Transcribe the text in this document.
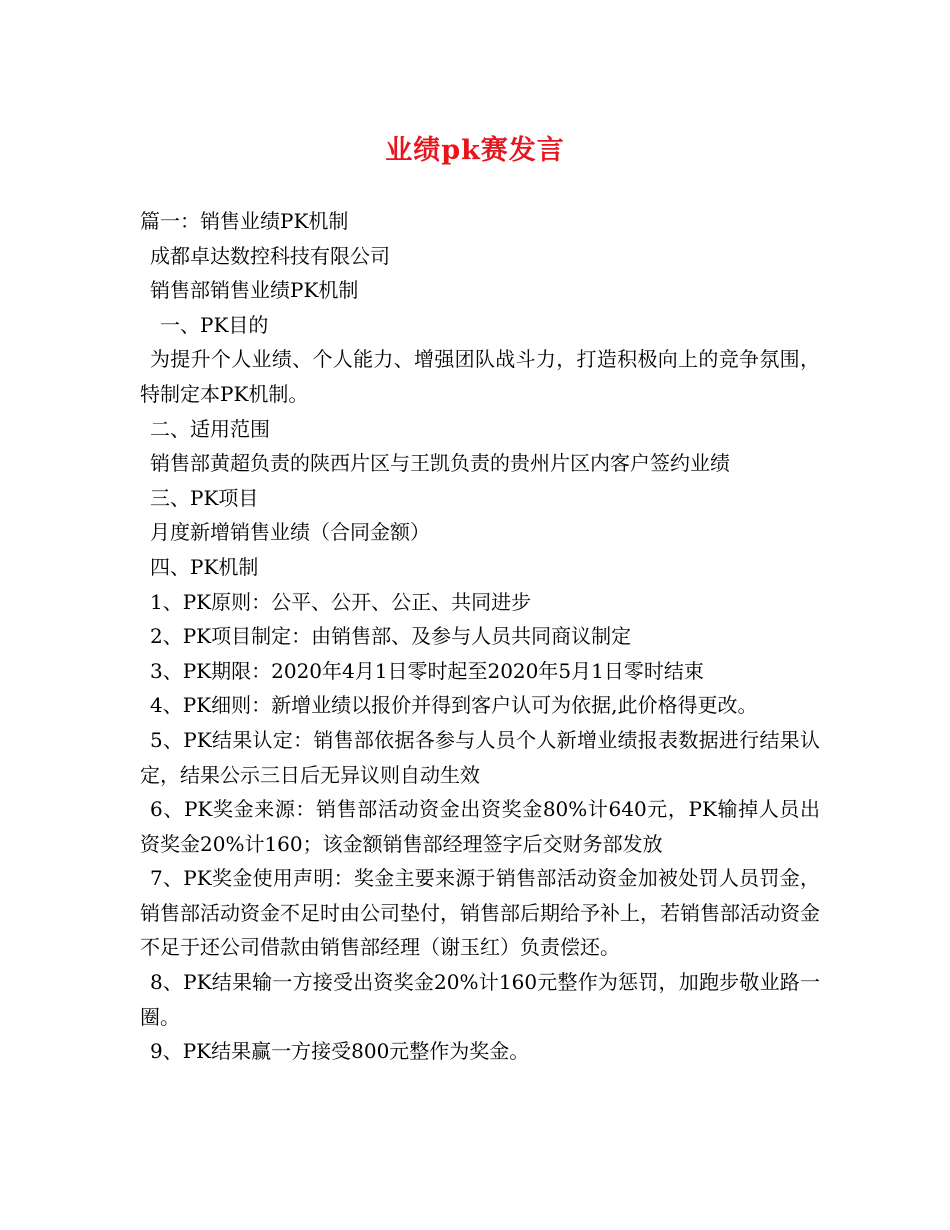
业绩pk赛发言

篇一：销售业绩PK机制

成都卓达数控科技有限公司

销售部销售业绩PK机制

一、PK目的

为提升个人业绩、个人能力、增强团队战斗力，打造积极向上的竞争氛围，特制定本PK机制。

二、适用范围

销售部黄超负责的陕西片区与王凯负责的贵州片区内客户签约业绩

三、PK项目

月度新增销售业绩（合同金额）

四、PK机制

1、PK原则：公平、公开、公正、共同进步

2、PK项目制定：由销售部、及参与人员共同商议制定

3、PK期限：2020年4月1日零时起至2020年5月1日零时结束

4、PK细则：新增业绩以报价并得到客户认可为依据,此价格得更改。

5、PK结果认定：销售部依据各参与人员个人新增业绩报表数据进行结果认定，结果公示三日后无异议则自动生效

6、PK奖金来源：销售部活动资金出资奖金80%计640元，PK输掉人员出资奖金20%计160；该金额销售部经理签字后交财务部发放

7、PK奖金使用声明：奖金主要来源于销售部活动资金加被处罚人员罚金，销售部活动资金不足时由公司垫付，销售部后期给予补上，若销售部活动资金不足于还公司借款由销售部经理（谢玉红）负责偿还。

8、PK结果输一方接受出资奖金20%计160元整作为惩罚，加跑步敬业路一圈。

9、PK结果赢一方接受800元整作为奖金。
